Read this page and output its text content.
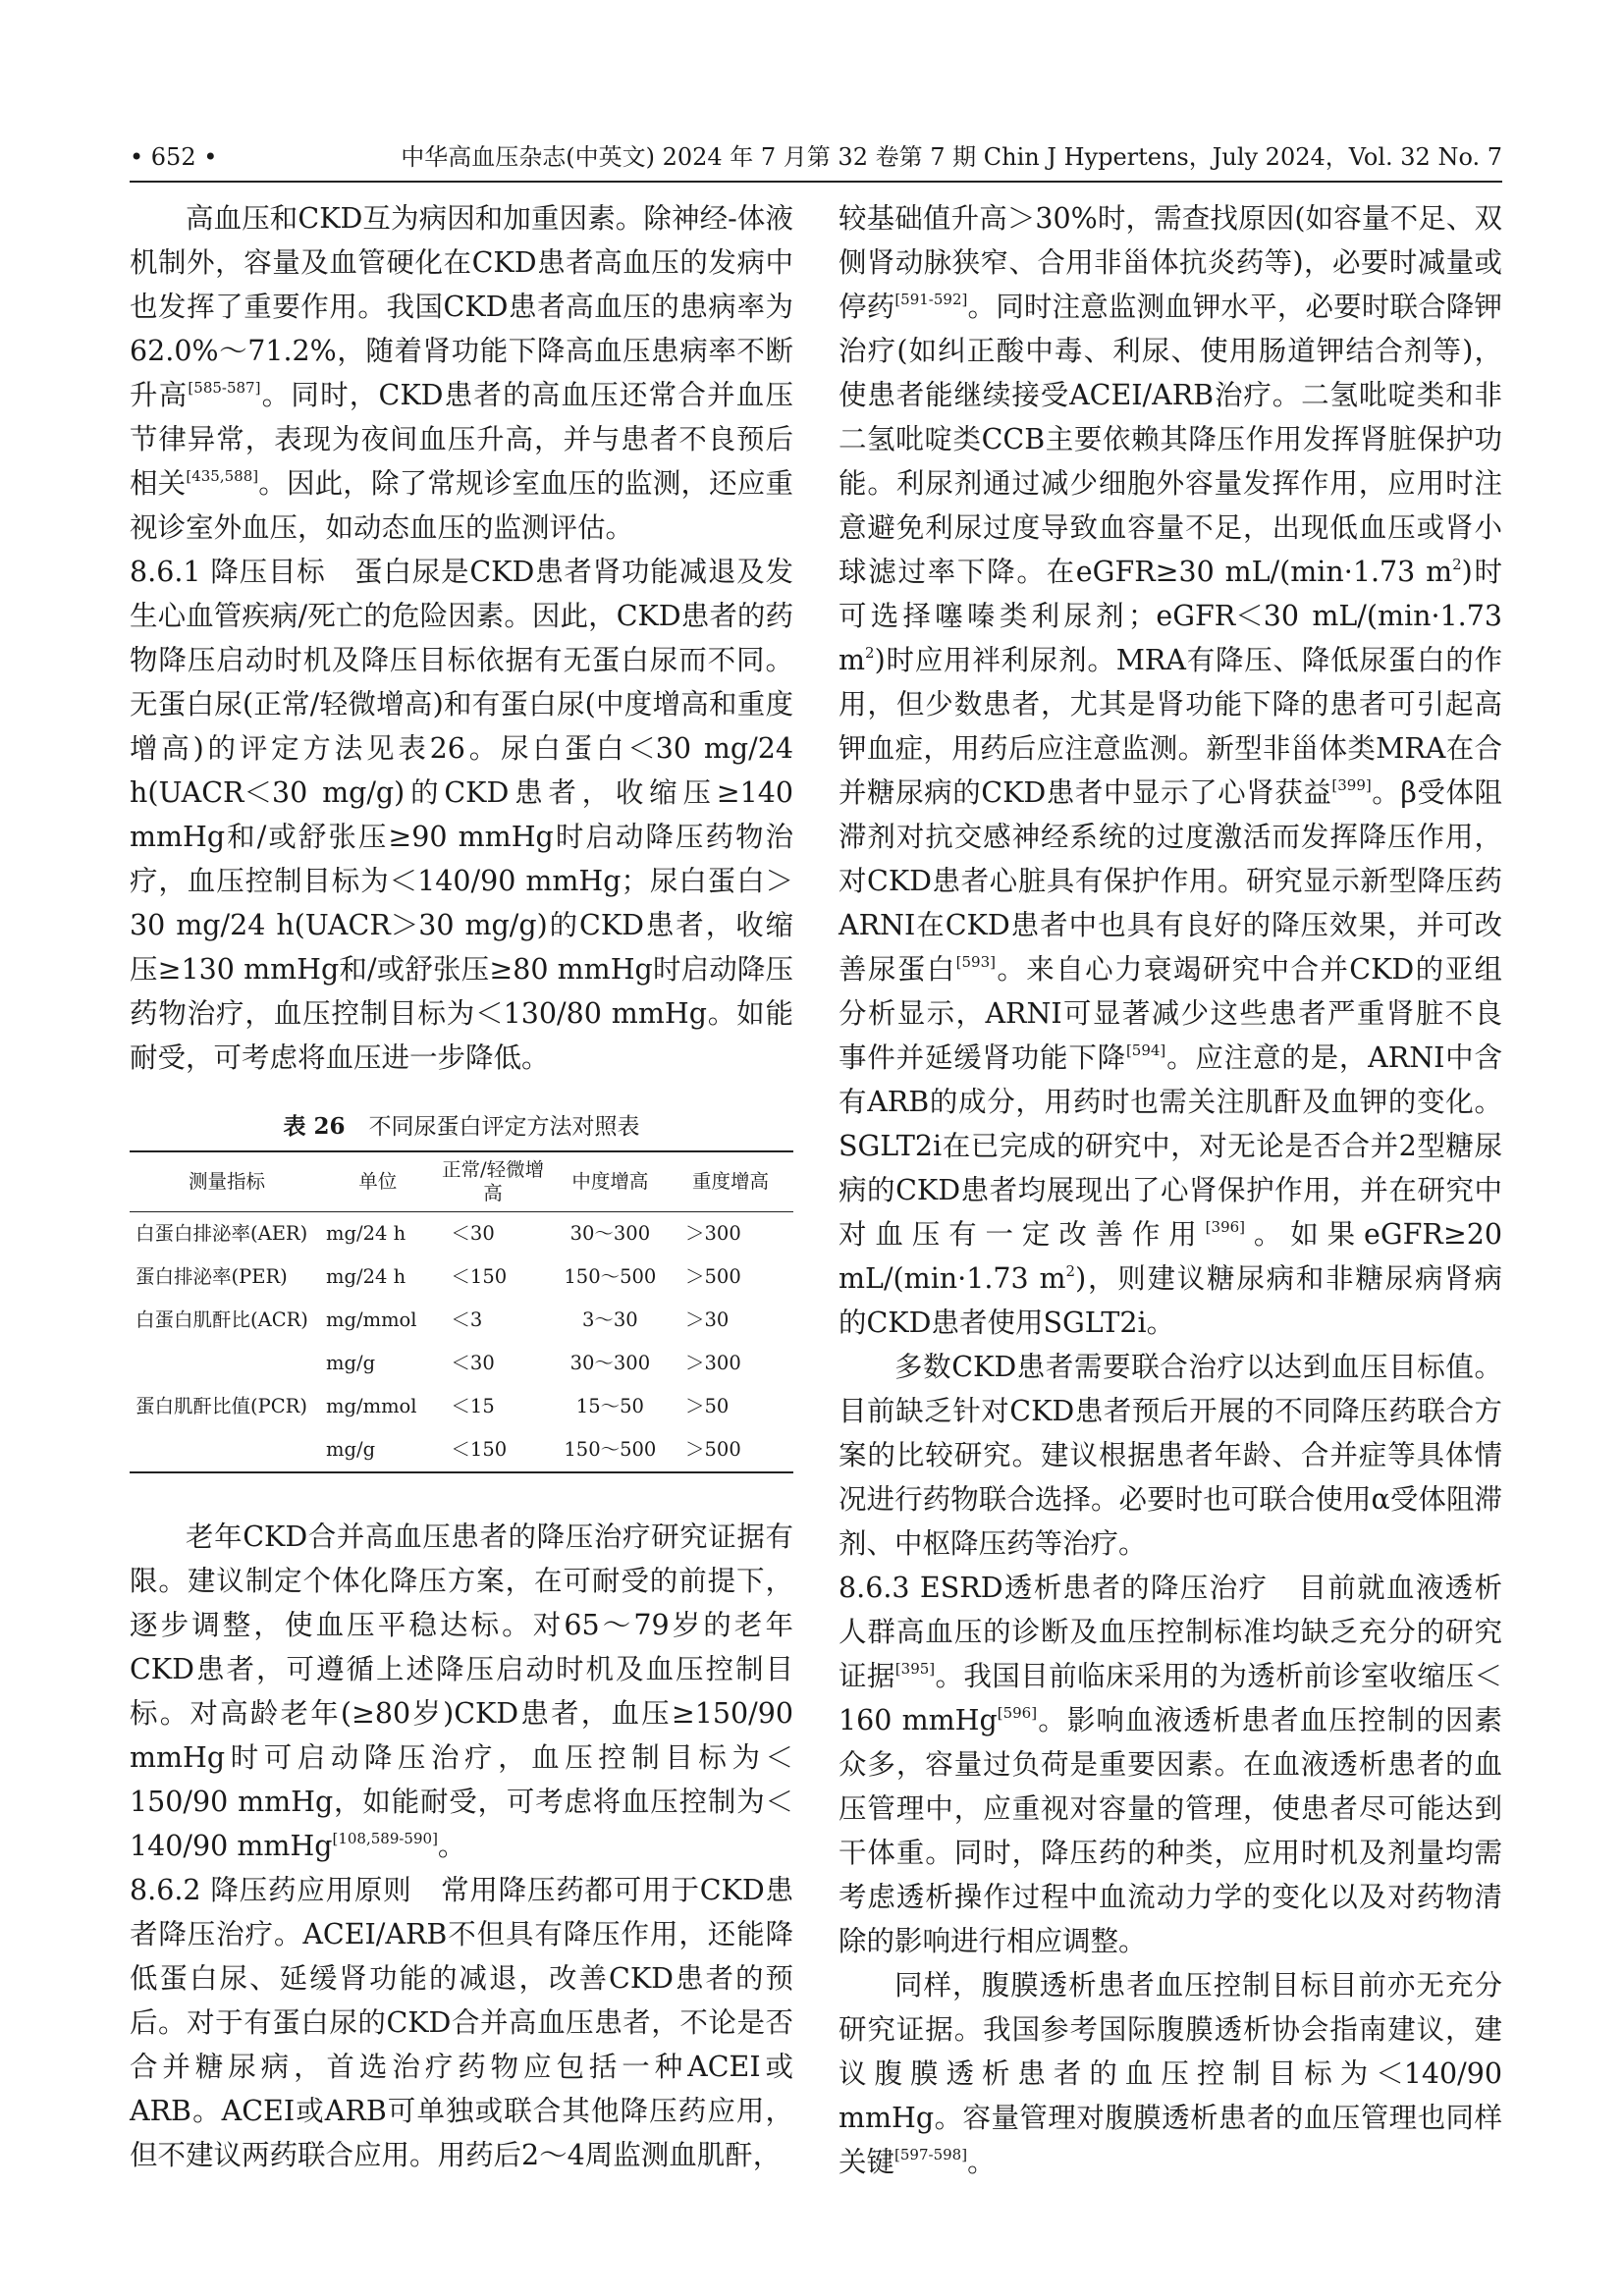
• 652 •	中华高血压杂志(中英文) 2024 年 7 月第 32 卷第 7 期 Chin J Hypertens，July 2024，Vol. 32 No. 7

高血压和CKD互为病因和加重因素。除神经-体液机制外，容量及血管硬化在CKD患者高血压的发病中也发挥了重要作用。我国CKD患者高血压的患病率为62.0%～71.2%，随着肾功能下降高血压患病率不断升高[585-587]。同时，CKD患者的高血压还常合并血压节律异常，表现为夜间血压升高，并与患者不良预后相关[435,588]。因此，除了常规诊室血压的监测，还应重视诊室外血压，如动态血压的监测评估。

8.6.1 降压目标 蛋白尿是CKD患者肾功能减退及发生心血管疾病/死亡的危险因素。因此，CKD患者的药物降压启动时机及降压目标依据有无蛋白尿而不同。无蛋白尿(正常/轻微增高)和有蛋白尿(中度增高和重度增高)的评定方法见表26。尿白蛋白＜30 mg/24 h(UACR＜30 mg/g)的CKD患者，收缩压≥140 mmHg和/或舒张压≥90 mmHg时启动降压药物治疗，血压控制目标为＜140/90 mmHg；尿白蛋白＞30 mg/24 h(UACR＞30 mg/g)的CKD患者，收缩压≥130 mmHg和/或舒张压≥80 mmHg时启动降压药物治疗，血压控制目标为＜130/80 mmHg。如能耐受，可考虑将血压进一步降低。

表 26 不同尿蛋白评定方法对照表
测量指标	单位	正常/轻微增高	中度增高	重度增高
白蛋白排泌率(AER)	mg/24 h	＜30	30～300	＞300
蛋白排泌率(PER)	mg/24 h	＜150	150～500	＞500
白蛋白肌酐比(ACR)	mg/mmol	＜3	3～30	＞30
	mg/g	＜30	30～300	＞300
蛋白肌酐比值(PCR)	mg/mmol	＜15	15～50	＞50
	mg/g	＜150	150～500	＞500

老年CKD合并高血压患者的降压治疗研究证据有限。建议制定个体化降压方案，在可耐受的前提下，逐步调整，使血压平稳达标。对65～79岁的老年CKD患者，可遵循上述降压启动时机及血压控制目标。对高龄老年(≥80岁)CKD患者，血压≥150/90 mmHg时可启动降压治疗，血压控制目标为＜150/90 mmHg，如能耐受，可考虑将血压控制为＜140/90 mmHg[108,589-590]。

8.6.2 降压药应用原则 常用降压药都可用于CKD患者降压治疗。ACEI/ARB不但具有降压作用，还能降低蛋白尿、延缓肾功能的减退，改善CKD患者的预后。对于有蛋白尿的CKD合并高血压患者，不论是否合并糖尿病，首选治疗药物应包括一种ACEI或ARB。ACEI或ARB可单独或联合其他降压药应用，但不建议两药联合应用。用药后2～4周监测血肌酐，

较基础值升高＞30%时，需查找原因(如容量不足、双侧肾动脉狭窄、合用非甾体抗炎药等)，必要时减量或停药[591-592]。同时注意监测血钾水平，必要时联合降钾治疗(如纠正酸中毒、利尿、使用肠道钾结合剂等)，使患者能继续接受ACEI/ARB治疗。二氢吡啶类和非二氢吡啶类CCB主要依赖其降压作用发挥肾脏保护功能。利尿剂通过减少细胞外容量发挥作用，应用时注意避免利尿过度导致血容量不足，出现低血压或肾小球滤过率下降。在eGFR≥30 mL/(min·1.73 $m^2$)时可选择噻嗪类利尿剂；eGFR＜30 mL/(min·1.73 $m^2$)时应用袢利尿剂。MRA有降压、降低尿蛋白的作用，但少数患者，尤其是肾功能下降的患者可引起高钾血症，用药后应注意监测。新型非甾体类MRA在合并糖尿病的CKD患者中显示了心肾获益[399]。β受体阻滞剂对抗交感神经系统的过度激活而发挥降压作用，对CKD患者心脏具有保护作用。研究显示新型降压药ARNI在CKD患者中也具有良好的降压效果，并可改善尿蛋白[593]。来自心力衰竭研究中合并CKD的亚组分析显示，ARNI可显著减少这些患者严重肾脏不良事件并延缓肾功能下降[594]。应注意的是，ARNI中含有ARB的成分，用药时也需关注肌酐及血钾的变化。SGLT2i在已完成的研究中，对无论是否合并2型糖尿病的CKD患者均展现出了心肾保护作用，并在研究中对血压有一定改善作用[396]。如果eGFR≥20 mL/(min·1.73 $m^2$)，则建议糖尿病和非糖尿病肾病的CKD患者使用SGLT2i。

多数CKD患者需要联合治疗以达到血压目标值。目前缺乏针对CKD患者预后开展的不同降压药联合方案的比较研究。建议根据患者年龄、合并症等具体情况进行药物联合选择。必要时也可联合使用α受体阻滞剂、中枢降压药等治疗。

8.6.3 ESRD透析患者的降压治疗 目前就血液透析人群高血压的诊断及血压控制标准均缺乏充分的研究证据[395]。我国目前临床采用的为透析前诊室收缩压＜160 mmHg[596]。影响血液透析患者血压控制的因素众多，容量过负荷是重要因素。在血液透析患者的血压管理中，应重视对容量的管理，使患者尽可能达到干体重。同时，降压药的种类，应用时机及剂量均需考虑透析操作过程中血流动力学的变化以及对药物清除的影响进行相应调整。

同样，腹膜透析患者血压控制目标目前亦无充分研究证据。我国参考国际腹膜透析协会指南建议，建议腹膜透析患者的血压控制目标为＜140/90 mmHg。容量管理对腹膜透析患者的血压管理也同样关键[597-598]。
